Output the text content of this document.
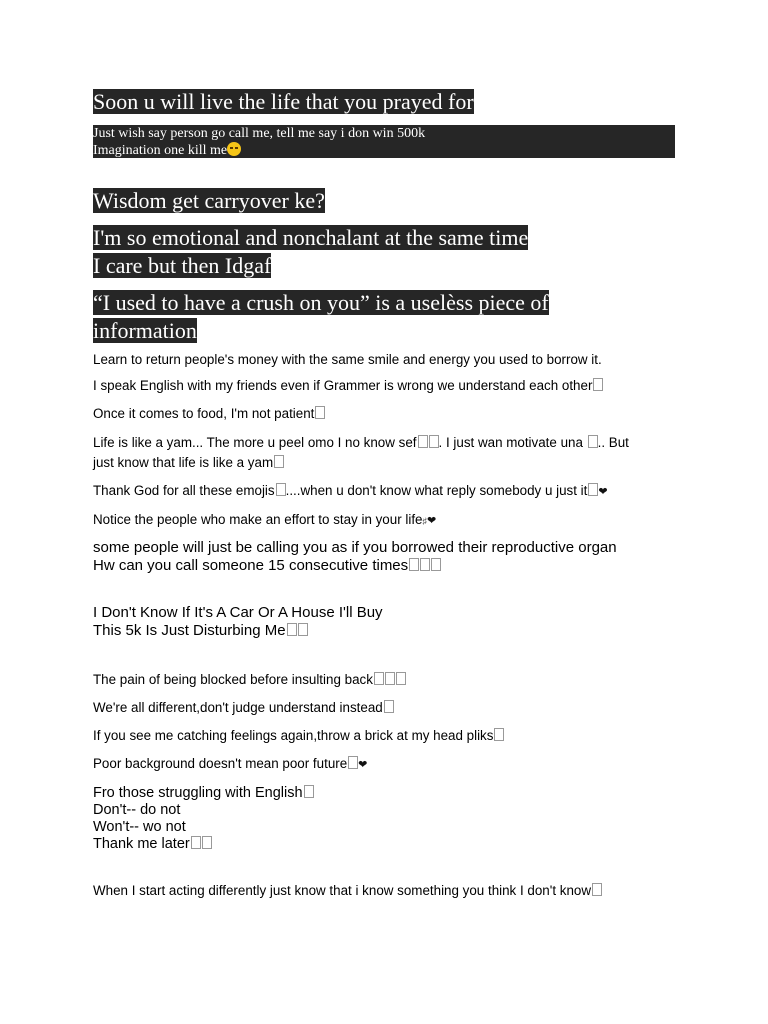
Soon u will live the life that you prayed for
Just wish say person go call me, tell me say i don win 500k
Imagination one kill me
Wisdom get carryover ke?
I'm so emotional and nonchalant at the same time
I care but then Idgaf
“I used to have a crush on you” is a uselèss piece of
information
Learn to return people's money with the same smile and energy you used to borrow it.
I speak English with my friends even if Grammer is wrong we understand each other
Once it comes to food, I'm not patient
Life is like a yam... The more u peel omo I no know sef . I just wan motivate una .. But
just know that life is like a yam
Thank God for all these emojis ....when u don't know what reply somebody u just it ❤
Notice the people who make an effort to stay in your life♯❤
some people will just be calling you as if you borrowed their reproductive organ
Hw can you call someone 15 consecutive times
I Don't Know If It's A Car Or A House I'll Buy
This 5k Is Just Disturbing Me
The pain of being blocked before insulting back
We're all different,don't judge understand instead
If you see me catching feelings again,throw a brick at my head pliks
Poor background doesn't mean poor future ❤
Fro those struggling with English
Don't-- do not
Won't-- wo not
Thank me later
When I start acting differently just know that i know something you think I don't know
